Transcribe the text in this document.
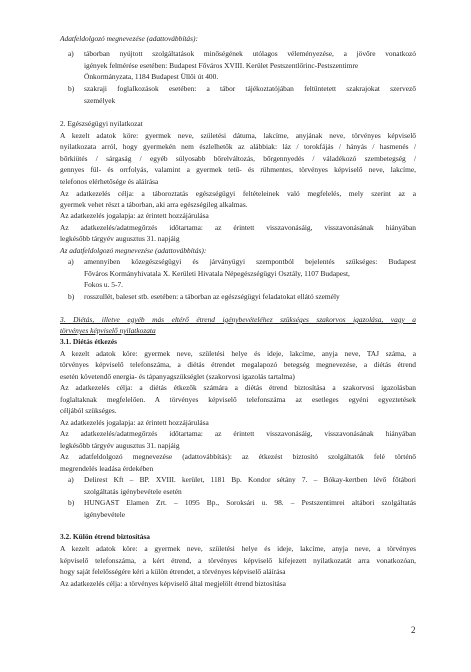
Adatfeldolgozó megnevezése (adattovábbítás):
a) táborban nyújtott szolgáltatások minőségének utólagos véleményezése, a jövőre vonatkozó
igények felmérése esetében: Budapest Főváros XVIII. Kerület Pestszentlőrinc-Pestszentimre
Önkormányzata, 1184 Budapest Üllői út 400.
b) szakraji foglalkozások esetében: a tábor tájékoztatójában feltüntetett szakrajokat szervező
személyek
2. Egészségügyi nyilatkozat
A kezelt adatok köre: gyermek neve, születési dátuma, lakcíme, anyjának neve, törvényes képviselő
nyilatkozata arról, hogy gyermekén nem észlelhetők az alábbiak: láz / torokfájás / hányás / hasmenés /
bőrkiütés / sárgaság / egyéb súlyosabb bőrelváltozás, bőrgennyedés / váladékozó szembetegség /
gennyes fül- és orrfolyás, valamint a gyermek tetű- és rühmentes, törvényes képviselő neve, lakcíme,
telefonos elérhetősége és aláírása
Az adatkezelés célja: a táboroztatás egészségügyi feltételeinek való megfelelés, mely szerint az a
gyermek vehet részt a táborban, aki arra egészségileg alkalmas.
Az adatkezelés jogalapja: az érintett hozzájárulása
Az adatkezelés/adatmegőrzés időtartama: az érintett visszavonásáig, visszavonásának hiányában
legkésőbb tárgyév augusztus 31. napjáig
Az adatfeldolgozó megnevezése (adattovábbítás):
a) amennyiben közegészségügyi és járványügyi szempontból bejelentés szükséges: Budapest
Főváros Kormányhivatala X. Kerületi Hivatala Népegészségügyi Osztály, 1107 Budapest,
Fokos u. 5-7.
b) rosszullét, baleset stb. esetében: a táborban az egészségügyi feladatokat ellátó személy
3. Diétás, illetve egyéb más eltérő étrend igénybevételéhez szükséges szakorvos igazolása, vagy a
törvényes képviselő nyilatkozata
3.1. Diétás étkezés
A kezelt adatok köre: gyermek neve, születési helye és ideje, lakcíme, anyja neve, TAJ száma, a
törvényes képviselő telefonszáma, a diétás étrendet megalapozó betegség megnevezése, a diétás étrend
esetén követendő energia- és tápanyagszükséglet (szakorvosi igazolás tartalma)
Az adatkezelés célja: a diétás étkezők számára a diétás étrend biztosítása a szakorvosi igazolásban
foglaltaknak megfelelően. A törvényes képviselő telefonszáma az esetleges egyéni egyeztetések
céljából szükséges.
Az adatkezelés jogalapja: az érintett hozzájárulása
Az adatkezelés/adatmegőrzés időtartama: az érintett visszavonásáig, visszavonásának hiányában
legkésőbb tárgyév augusztus 31. napjáig
Az adatfeldolgozó megnevezése (adattovábbítás): az étkezést biztosító szolgáltatók felé történő
megrendelés leadása érdekében
a) Delirest Kft – BP. XVIII. kerület, 1181 Bp. Kondor sétány 7. – Bókay-kertben lévő főtábori
szolgáltatás igénybevétele esetén
b) HUNGAST Elamen Zrt. – 1095 Bp., Soroksári u. 98. – Pestszentimrei altábori szolgáltatás
igénybevétele
3.2. Külön étrend biztosítása
A kezelt adatok köre: a gyermek neve, születési helye és ideje, lakcíme, anyja neve, a törvényes
képviselő telefonszáma, a kért étrend, a törvényes képviselő kifejezett nyilatkozatát arra vonatkozóan,
hogy saját felelősségére kéri a külön étrendet, a törvényes képviselő aláírása
Az adatkezelés célja: a törvényes képviselő által megjelölt étrend biztosítása
2
